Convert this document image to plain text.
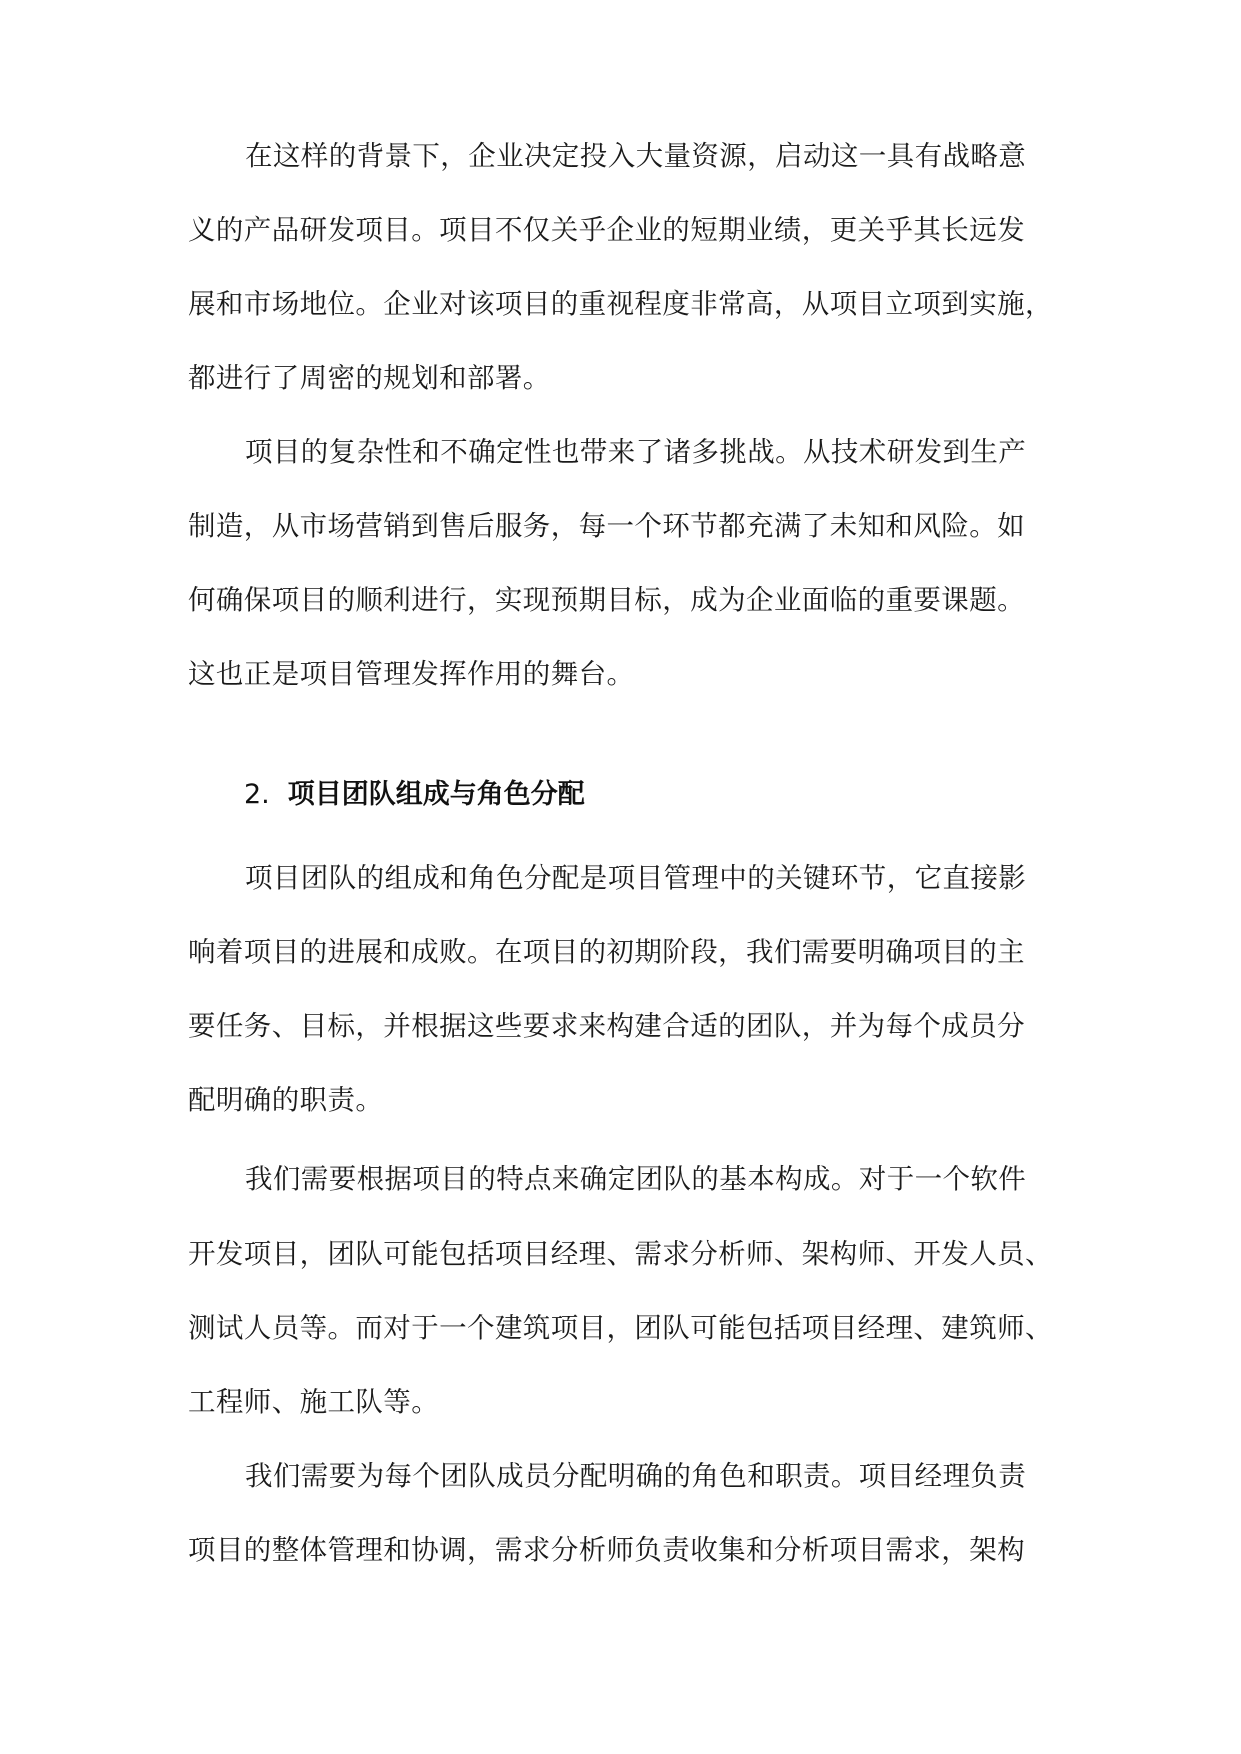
在这样的背景下，企业决定投入大量资源，启动这一具有战略意
义的产品研发项目。项目不仅关乎企业的短期业绩，更关乎其长远发
展和市场地位。企业对该项目的重视程度非常高，从项目立项到实施，
都进行了周密的规划和部署。
项目的复杂性和不确定性也带来了诸多挑战。从技术研发到生产
制造，从市场营销到售后服务，每一个环节都充满了未知和风险。如
何确保项目的顺利进行，实现预期目标，成为企业面临的重要课题。
这也正是项目管理发挥作用的舞台。
2. 项目团队组成与角色分配
项目团队的组成和角色分配是项目管理中的关键环节，它直接影
响着项目的进展和成败。在项目的初期阶段，我们需要明确项目的主
要任务、目标，并根据这些要求来构建合适的团队，并为每个成员分
配明确的职责。
我们需要根据项目的特点来确定团队的基本构成。对于一个软件
开发项目，团队可能包括项目经理、需求分析师、架构师、开发人员、
测试人员等。而对于一个建筑项目，团队可能包括项目经理、建筑师、
工程师、施工队等。
我们需要为每个团队成员分配明确的角色和职责。项目经理负责
项目的整体管理和协调，需求分析师负责收集和分析项目需求，架构
